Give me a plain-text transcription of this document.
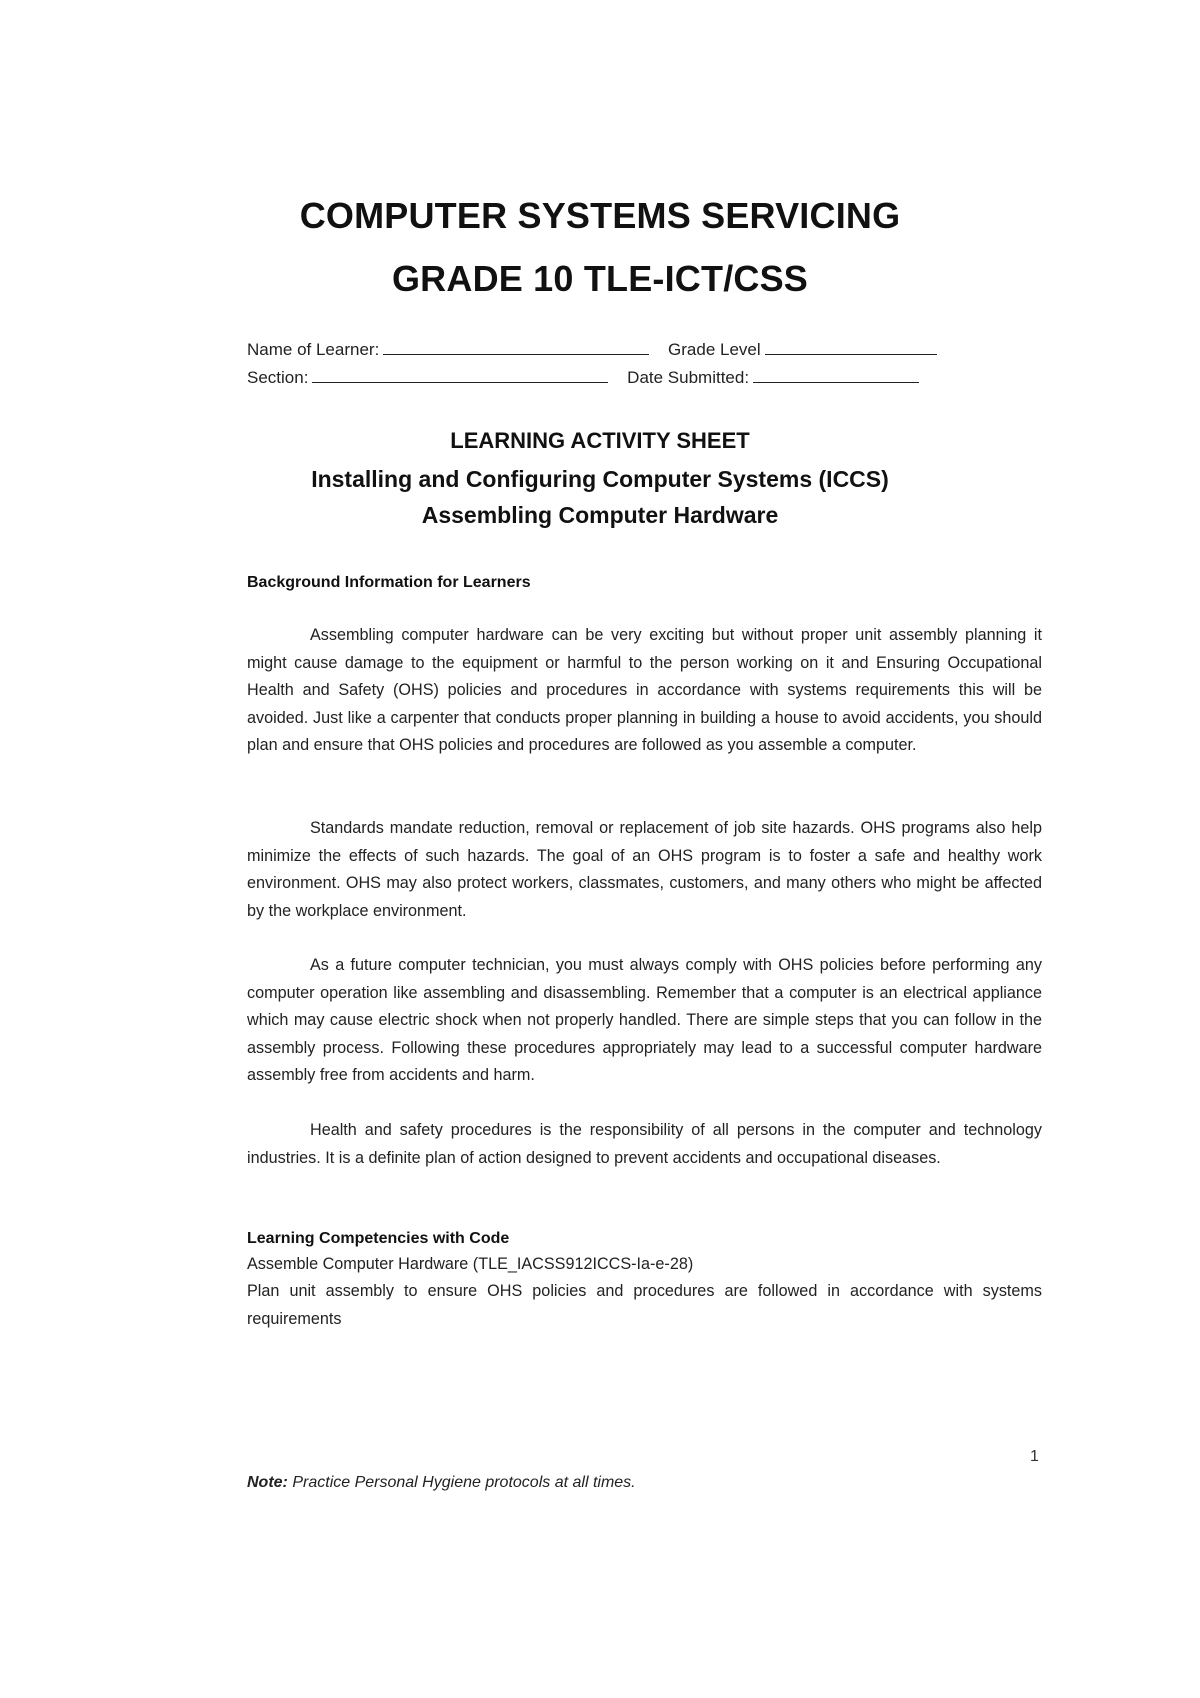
COMPUTER SYSTEMS SERVICING
GRADE 10 TLE-ICT/CSS
Name of Learner:	Grade Level
Section:	Date Submitted:
LEARNING ACTIVITY SHEET
Installing and Configuring Computer Systems (ICCS)
Assembling Computer Hardware
Background Information for Learners

Assembling computer hardware can be very exciting but without proper unit assembly planning it might cause damage to the equipment or harmful to the person working on it and Ensuring Occupational Health and Safety (OHS) policies and procedures in accordance with systems requirements this will be avoided. Just like a carpenter that conducts proper planning in building a house to avoid accidents, you should plan and ensure that OHS policies and procedures are followed as you assemble a computer.

Standards mandate reduction, removal or replacement of job site hazards. OHS programs also help minimize the effects of such hazards. The goal of an OHS program is to foster a safe and healthy work environment. OHS may also protect workers, classmates, customers, and many others who might be affected by the workplace environment.

As a future computer technician, you must always comply with OHS policies before performing any computer operation like assembling and disassembling. Remember that a computer is an electrical appliance which may cause electric shock when not properly handled. There are simple steps that you can follow in the assembly process. Following these procedures appropriately may lead to a successful computer hardware assembly free from accidents and harm.

Health and safety procedures is the responsibility of all persons in the computer and technology industries. It is a definite plan of action designed to prevent accidents and occupational diseases.

Learning Competencies with Code

Assemble Computer Hardware (TLE_IACSS912ICCS-Ia-e-28)

Plan unit assembly to ensure OHS policies and procedures are followed in accordance with systems requirements

1
Note: Practice Personal Hygiene protocols at all times.
